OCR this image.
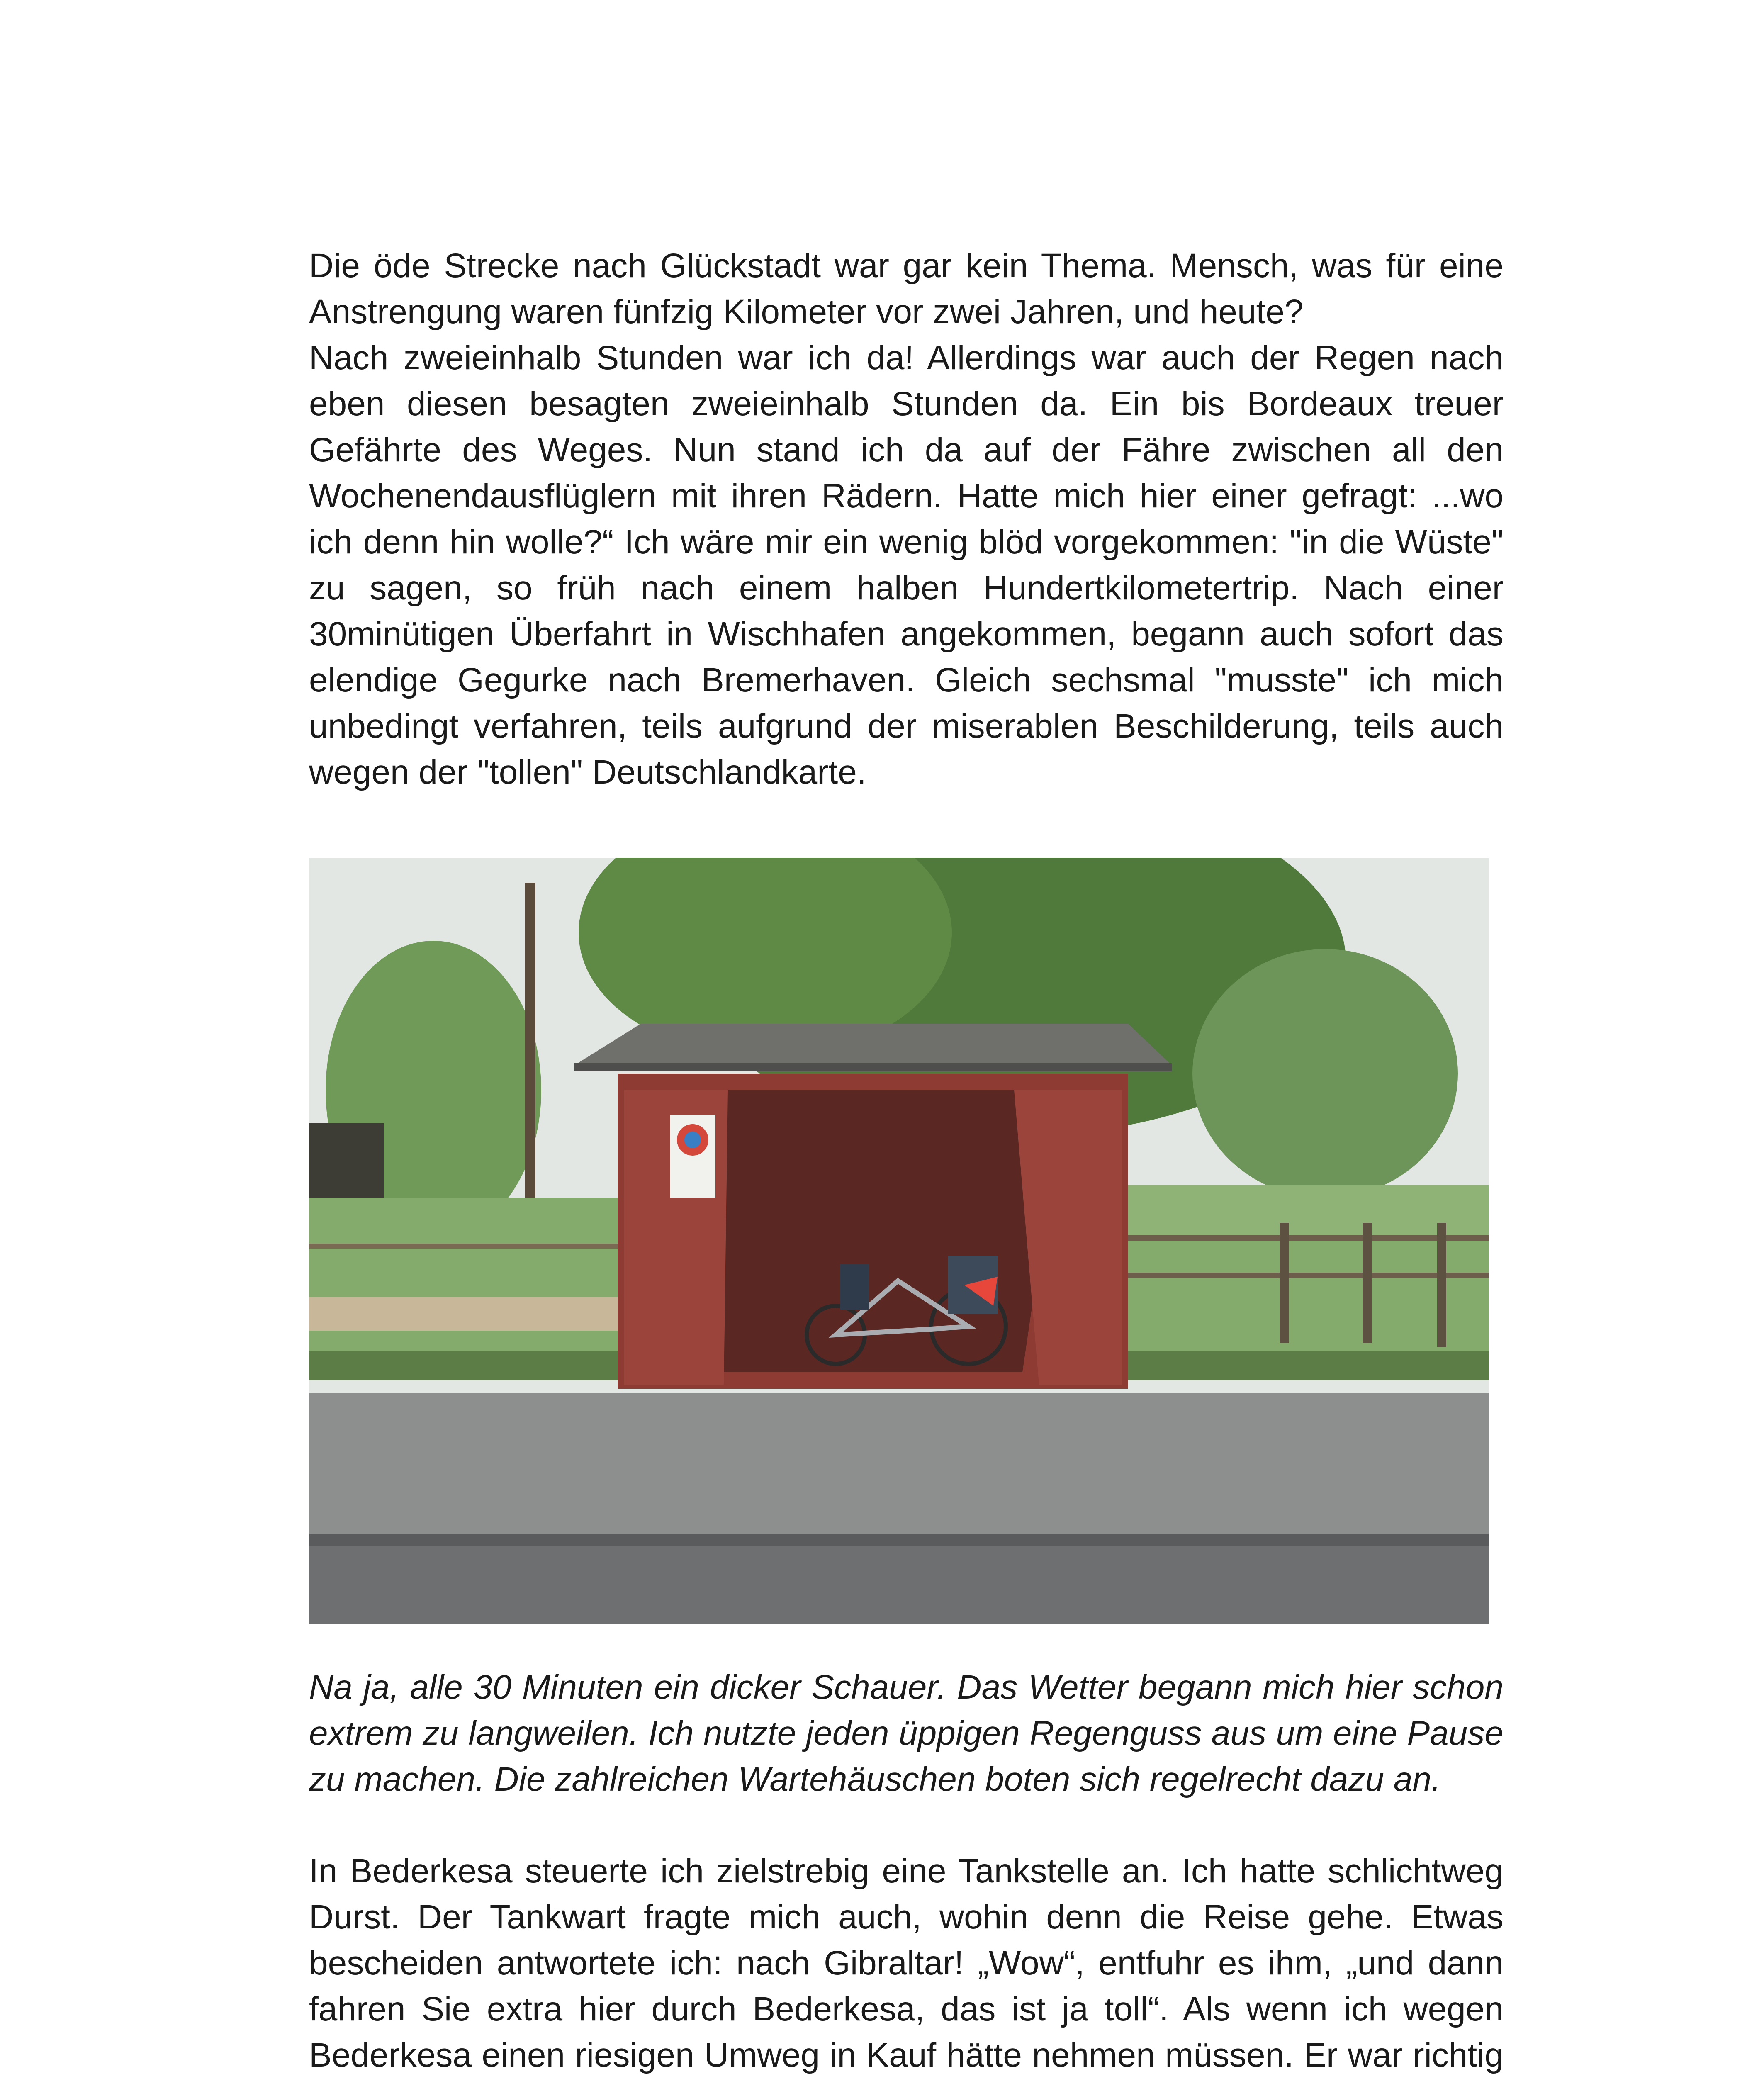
Die öde Strecke nach Glückstadt war gar kein Thema. Mensch, was für eine Anstrengung waren fünfzig Kilometer vor zwei Jahren, und heute?

Nach zweieinhalb Stunden war ich da! Allerdings war auch der Regen nach eben diesen besagten zweieinhalb Stunden da. Ein bis Bordeaux treuer Gefährte des Weges. Nun stand ich da auf der Fähre zwischen all den Wochenendausflüglern mit ihren Rädern. Hatte mich hier einer gefragt: ...wo ich denn hin wolle?“ Ich wäre mir ein wenig blöd vorgekommen: "in die Wüste" zu sagen, so früh nach einem halben Hundertkilometertrip. Nach einer 30minütigen Überfahrt in Wischhafen angekommen, begann auch sofort das elendige Gegurke nach Bremerhaven. Gleich sechsmal "musste" ich mich unbedingt verfahren, teils aufgrund der miserablen Beschilderung, teils auch wegen der "tollen" Deutschlandkarte.

Na ja, alle 30 Minuten ein dicker Schauer. Das Wetter begann mich hier schon extrem zu langweilen. Ich nutzte jeden üppigen Regenguss aus um eine Pause zu machen. Die zahlreichen Wartehäuschen boten sich regelrecht dazu an.

In Bederkesa steuerte ich zielstrebig eine Tankstelle an. Ich hatte schlichtweg Durst. Der Tankwart fragte mich auch, wohin denn die Reise gehe. Etwas bescheiden antwortete ich: nach Gibraltar! „Wow“, entfuhr es ihm, „und dann fahren Sie extra hier durch Bederkesa, das ist ja toll“. Als wenn ich wegen Bederkesa einen riesigen Umweg in Kauf hätte nehmen müssen. Er war richtig
